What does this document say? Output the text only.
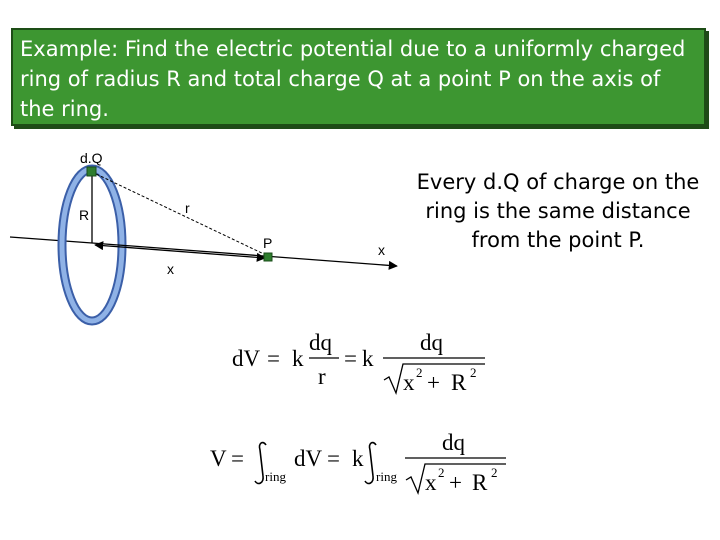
Example: Find the electric potential due to a uniformly charged ring of radius R and total charge Q at a point P on the axis of the ring.
d.Q
R	r
P
x
x
Every d.Q of charge on the ring is the same distance from the point P.
dV = k
dq
r
= k
dq
x 2 + R 2
V =
ring
dV = k
ring
dq
x 2 + R 2
